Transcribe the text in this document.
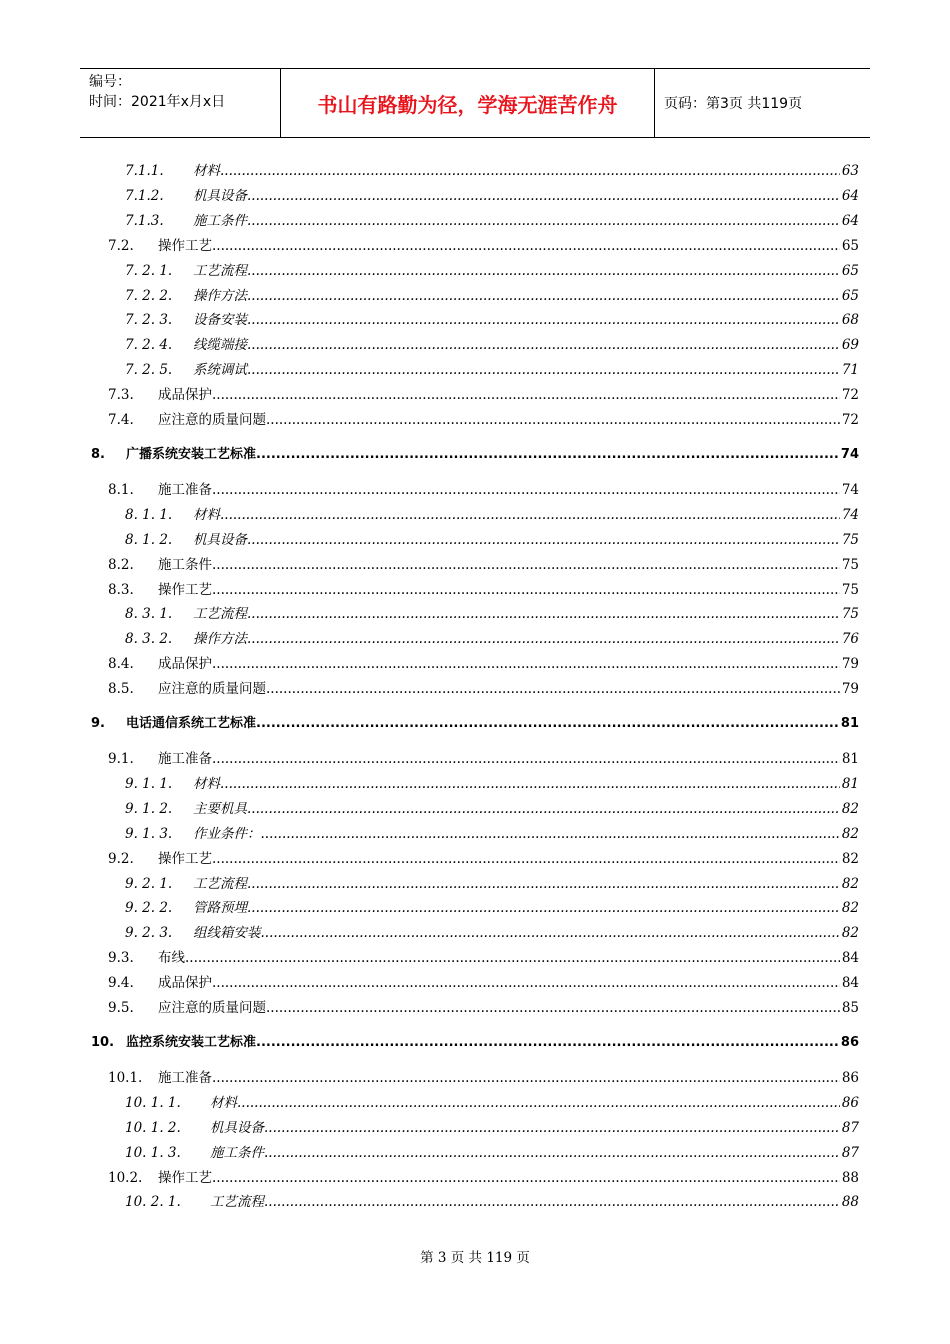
编号：
时间：2021年x月x日	书山有路勤为径，学海无涯苦作舟	页码：第3页 共119页
7.1.1. 材料 .....	63
7.1.2. 机具设备 .....	64
7.1.3. 施工条件 .....	64
7.2. 操作工艺 .....	65
7. 2. 1. 工艺流程 .....	65
7. 2. 2. 操作方法 .....	65
7. 2. 3. 设备安装 .....	68
7. 2. 4. 线缆端接 .....	69
7. 2. 5. 系统调试 .....	71
7.3. 成品保护 .....	72
7.4. 应注意的质量问题 .....	72
8. 广播系统安装工艺标准 .....	74
8.1. 施工准备 .....	74
8. 1. 1. 材料 .....	74
8. 1. 2. 机具设备 .....	75
8.2. 施工条件 .....	75
8.3. 操作工艺 .....	75
8. 3. 1. 工艺流程 .....	75
8. 3. 2. 操作方法 .....	76
8.4. 成品保护 .....	79
8.5. 应注意的质量问题 .....	79
9. 电话通信系统工艺标准 .....	81
9.1. 施工准备 .....	81
9. 1. 1. 材料 .....	81
9. 1. 2. 主要机具 .....	82
9. 1. 3. 作业条件： .....	82
9.2. 操作工艺 .....	82
9. 2. 1. 工艺流程 .....	82
9. 2. 2. 管路预埋 .....	82
9. 2. 3. 组线箱安装 .....	82
9.3. 布线 .....	84
9.4. 成品保护 .....	84
9.5. 应注意的质量问题 .....	85
10. 监控系统安装工艺标准 .....	86
10.1. 施工准备 .....	86
10. 1. 1. 材料 .....	86
10. 1. 2. 机具设备 .....	87
10. 1. 3. 施工条件 .....	87
10.2. 操作工艺 .....	88
10. 2. 1. 工艺流程 .....	88
第 3 页 共 119 页
